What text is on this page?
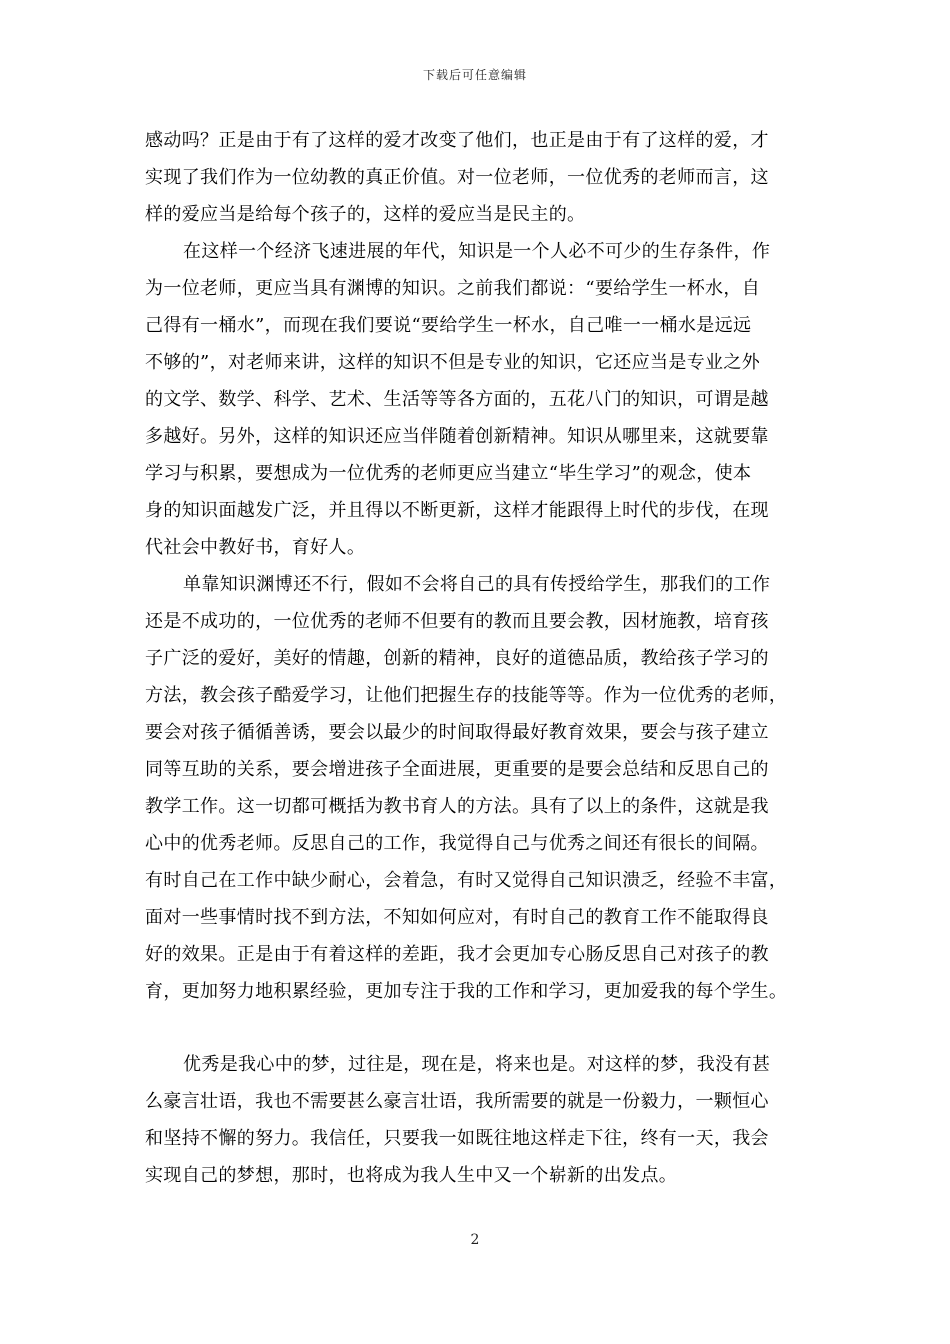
下载后可任意编辑
感动吗？正是由于有了这样的爱才改变了他们，也正是由于有了这样的爱，才
实现了我们作为一位幼教的真正价值。对一位老师，一位优秀的老师而言，这
样的爱应当是给每个孩子的，这样的爱应当是民主的。
在这样一个经济飞速进展的年代，知识是一个人必不可少的生存条件，作
为一位老师，更应当具有渊博的知识。之前我们都说：“要给学生一杯水，自
己得有一桶水”，而现在我们要说“要给学生一杯水，自己唯一一桶水是远远
不够的”，对老师来讲，这样的知识不但是专业的知识，它还应当是专业之外
的文学、数学、科学、艺术、生活等等各方面的，五花八门的知识，可谓是越
多越好。另外，这样的知识还应当伴随着创新精神。知识从哪里来，这就要靠
学习与积累，要想成为一位优秀的老师更应当建立“毕生学习”的观念，使本
身的知识面越发广泛，并且得以不断更新，这样才能跟得上时代的步伐，在现
代社会中教好书，育好人。
单靠知识渊博还不行，假如不会将自己的具有传授给学生，那我们的工作
还是不成功的，一位优秀的老师不但要有的教而且要会教，因材施教，培育孩
子广泛的爱好，美好的情趣，创新的精神，良好的道德品质，教给孩子学习的
方法，教会孩子酷爱学习，让他们把握生存的技能等等。作为一位优秀的老师，
要会对孩子循循善诱，要会以最少的时间取得最好教育效果，要会与孩子建立
同等互助的关系，要会增进孩子全面进展，更重要的是要会总结和反思自己的
教学工作。这一切都可概括为教书育人的方法。具有了以上的条件，这就是我
心中的优秀老师。反思自己的工作，我觉得自己与优秀之间还有很长的间隔。
有时自己在工作中缺少耐心，会着急，有时又觉得自己知识溃乏，经验不丰富，
面对一些事情时找不到方法，不知如何应对，有时自己的教育工作不能取得良
好的效果。正是由于有着这样的差距，我才会更加专心肠反思自己对孩子的教
育，更加努力地积累经验，更加专注于我的工作和学习，更加爱我的每个学生。
优秀是我心中的梦，过往是，现在是，将来也是。对这样的梦，我没有甚
么豪言壮语，我也不需要甚么豪言壮语，我所需要的就是一份毅力，一颗恒心
和坚持不懈的努力。我信任，只要我一如既往地这样走下往，终有一天，我会
实现自己的梦想，那时，也将成为我人生中又一个崭新的出发点。
2
